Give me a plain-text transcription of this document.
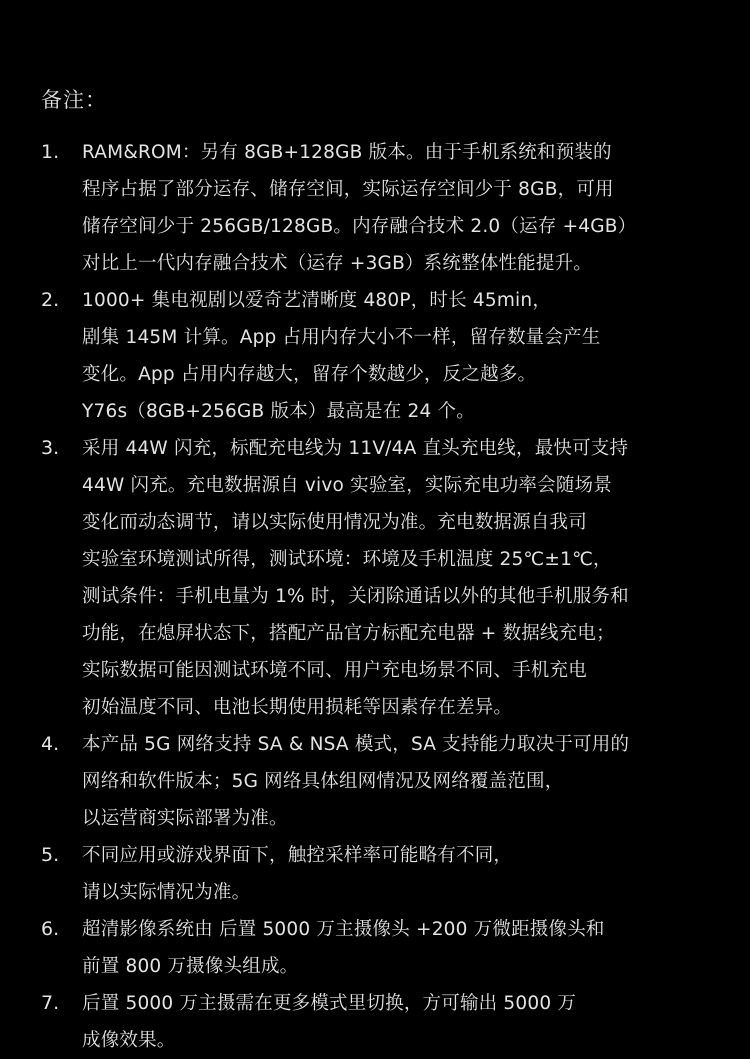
备注：
1. RAM&ROM：另有 8GB+128GB 版本。由于手机系统和预装的
程序占据了部分运存、储存空间，实际运存空间少于 8GB，可用
储存空间少于 256GB/128GB。内存融合技术 2.0（运存 +4GB）
对比上一代内存融合技术（运存 +3GB）系统整体性能提升。
2. 1000+ 集电视剧以爱奇艺清晰度 480P，时长 45min，
剧集 145M 计算。App 占用内存大小不一样，留存数量会产生
变化。App 占用内存越大，留存个数越少，反之越多。
Y76s（8GB+256GB 版本）最高是在 24 个。
3. 采用 44W 闪充，标配充电线为 11V/4A 直头充电线，最快可支持
44W 闪充。充电数据源自 vivo 实验室，实际充电功率会随场景
变化而动态调节，请以实际使用情况为准。充电数据源自我司
实验室环境测试所得，测试环境：环境及手机温度 25℃±1℃，
测试条件：手机电量为 1% 时，关闭除通话以外的其他手机服务和
功能，在熄屏状态下，搭配产品官方标配充电器 + 数据线充电；
实际数据可能因测试环境不同、用户充电场景不同、手机充电
初始温度不同、电池长期使用损耗等因素存在差异。
4. 本产品 5G 网络支持 SA & NSA 模式，SA 支持能力取决于可用的
网络和软件版本；5G 网络具体组网情况及网络覆盖范围，
以运营商实际部署为准。
5. 不同应用或游戏界面下，触控采样率可能略有不同，
请以实际情况为准。
6. 超清影像系统由 后置 5000 万主摄像头 +200 万微距摄像头和
前置 800 万摄像头组成。
7. 后置 5000 万主摄需在更多模式里切换，方可输出 5000 万
成像效果。
